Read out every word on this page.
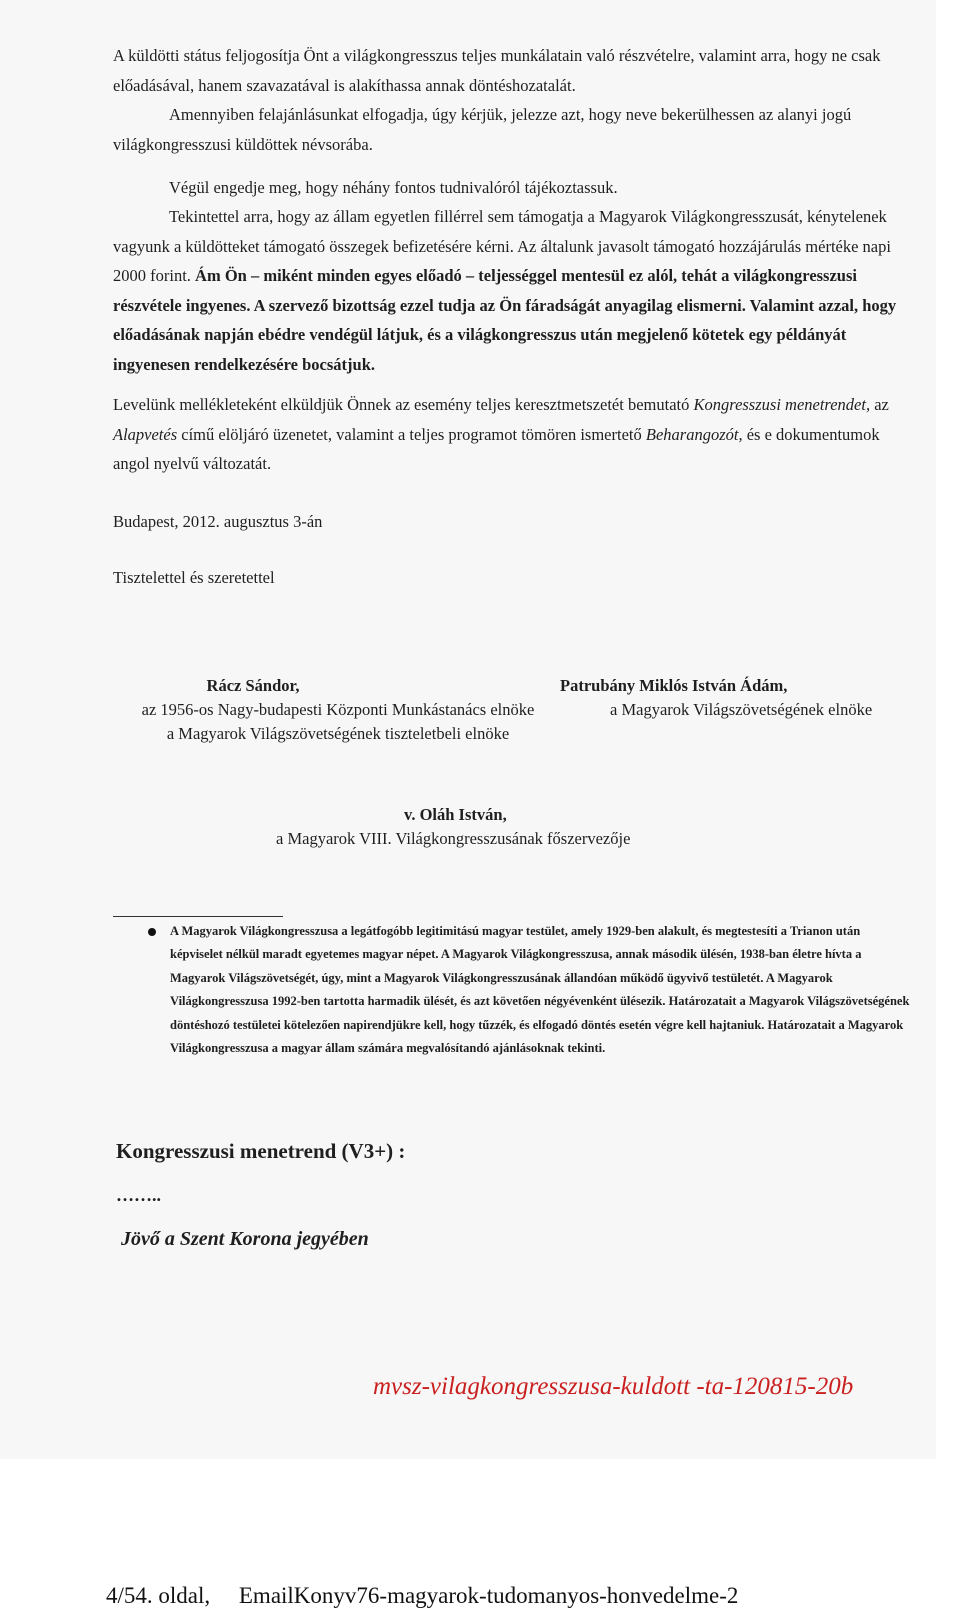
A küldötti státus feljogosítja Önt a világkongresszus teljes munkálatain való részvételre, valamint arra, hogy ne csak előadásával, hanem szavazatával is alakíthassa annak döntéshozatalát.

Amennyiben felajánlásunkat elfogadja, úgy kérjük, jelezze azt, hogy neve bekerülhessen az alanyi jogú világkongresszusi küldöttek névsorába.

Végül engedje meg, hogy néhány fontos tudnivalóról tájékoztassuk.

Tekintettel arra, hogy az állam egyetlen fillérrel sem támogatja a Magyarok Világkongresszusát, kénytelenek vagyunk a küldötteket támogató összegek befizetésére kérni. Az általunk javasolt támogató hozzájárulás mértéke napi 2000 forint. Ám Ön – miként minden egyes előadó – teljességgel mentesül ez alól, tehát a világkongresszusi részvétele ingyenes. A szervező bizottság ezzel tudja az Ön fáradságát anyagilag elismerni. Valamint azzal, hogy előadásának napján ebédre vendégül látjuk, és a világkongresszus után megjelenő kötetek egy példányát ingyenesen rendelkezésére bocsátjuk.

Levelünk mellékleteként elküldjük Önnek az esemény teljes keresztmetszetét bemutató Kongresszusi menetrendet, az Alapvetés című elöljáró üzenetet, valamint a teljes programot tömören ismertető Beharangozót, és e dokumentumok angol nyelvű változatát.

Budapest, 2012. augusztus 3-án

Tisztelettel és szeretettel

Rácz Sándor,
az 1956-os Nagy-budapesti Központi Munkástanács elnöke
a Magyarok Világszövetségének tiszteletbeli elnöke
Patrubány Miklós István Ádám,
a Magyarok Világszövetségének elnöke
v. Oláh István,
a Magyarok VIII. Világkongresszusának főszervezője

A Magyarok Világkongresszusa a legátfogóbb legitimitású magyar testület, amely 1929-ben alakult, és megtestesíti a Trianon után képviselet nélkül maradt egyetemes magyar népet. A Magyarok Világkongresszusa, annak második ülésén, 1938-ban életre hívta a Magyarok Világszövetségét, úgy, mint a Magyarok Világkongresszusának állandóan működő ügyvivő testületét. A Magyarok Világkongresszusa 1992-ben tartotta harmadik ülését, és azt követően négyévenként ülésezik. Határozatait a Magyarok Világszövetségének döntéshozó testületei kötelezően napirendjükre kell, hogy tűzzék, és elfogadó döntés esetén végre kell hajtaniuk. Határozatait a Magyarok Világkongresszusa a magyar állam számára megvalósítandó ajánlásoknak tekinti.

Kongresszusi menetrend (V3+) :

……..

Jövő a Szent Korona jegyében

mvsz-vilagkongresszusa-kuldott -ta-120815-20b

4/54. oldal,     EmailKonyv76-magyarok-tudomanyos-honvedelme-2
